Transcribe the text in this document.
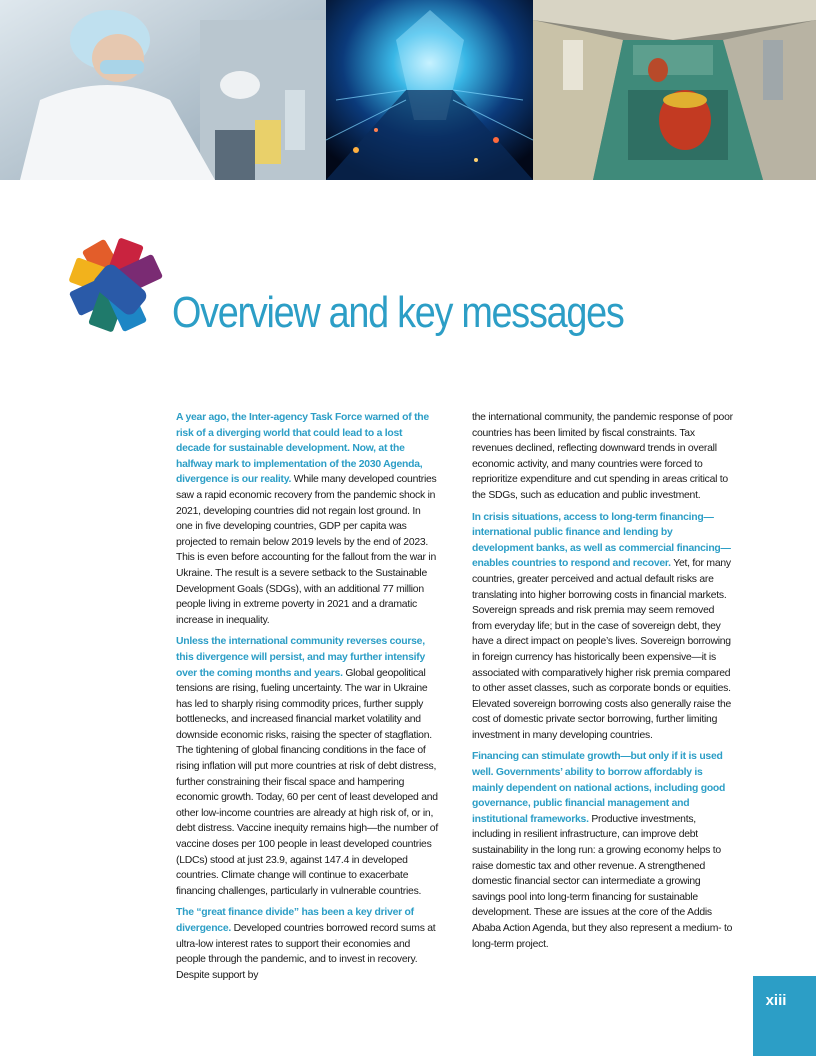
Overview and key messages

A year ago, the Inter-agency Task Force warned of the risk of a diverging world that could lead to a lost decade for sustainable development. Now, at the halfway mark to implementation of the 2030 Agenda, divergence is our reality. While many developed countries saw a rapid economic recovery from the pandemic shock in 2021, developing countries did not regain lost ground. In one in five developing countries, GDP per capita was projected to remain below 2019 levels by the end of 2023. This is even before accounting for the fallout from the war in Ukraine. The result is a severe setback to the Sustainable Development Goals (SDGs), with an additional 77 million people living in extreme poverty in 2021 and a dramatic increase in inequality.

Unless the international community reverses course, this divergence will persist, and may further intensify over the coming months and years. Global geopolitical tensions are rising, fueling uncertainty. The war in Ukraine has led to sharply rising commodity prices, further supply bottlenecks, and increased financial market volatility and downside economic risks, raising the specter of stagflation. The tightening of global financing conditions in the face of rising inflation will put more countries at risk of debt distress, further constraining their fiscal space and hampering economic growth. Today, 60 per cent of least developed and other low-income countries are already at high risk of, or in, debt distress. Vaccine inequity remains high—the number of vaccine doses per 100 people in least developed countries (LDCs) stood at just 23.9, against 147.4 in developed countries. Climate change will continue to exacerbate financing challenges, particularly in vulnerable countries.

The “great finance divide” has been a key driver of divergence. Developed countries borrowed record sums at ultra-low interest rates to support their economies and people through the pandemic, and to invest in recovery. Despite support by

the international community, the pandemic response of poor countries has been limited by fiscal constraints. Tax revenues declined, reflecting downward trends in overall economic activity, and many countries were forced to reprioritize expenditure and cut spending in areas critical to the SDGs, such as education and public investment.

In crisis situations, access to long-term financing—international public finance and lending by development banks, as well as commercial financing—enables countries to respond and recover. Yet, for many countries, greater perceived and actual default risks are translating into higher borrowing costs in financial markets. Sovereign spreads and risk premia may seem removed from everyday life; but in the case of sovereign debt, they have a direct impact on people’s lives. Sovereign borrowing in foreign currency has historically been expensive—it is associated with comparatively higher risk premia compared to other asset classes, such as corporate bonds or equities. Elevated sovereign borrowing costs also generally raise the cost of domestic private sector borrowing, further limiting investment in many developing countries.

Financing can stimulate growth—but only if it is used well. Governments’ ability to borrow affordably is mainly dependent on national actions, including good governance, public financial management and institutional frameworks. Productive investments, including in resilient infrastructure, can improve debt sustainability in the long run: a growing economy helps to raise domestic tax and other revenue. A strengthened domestic financial sector can intermediate a growing savings pool into long-term financing for sustainable development. These are issues at the core of the Addis Ababa Action Agenda, but they also represent a medium- to long-term project.

xiii
